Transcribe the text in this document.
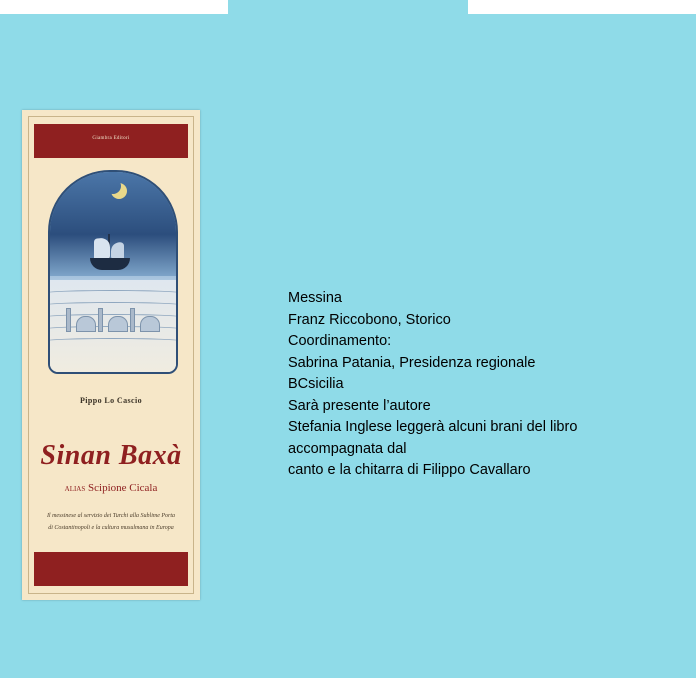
Giambra Editori
Pippo Lo Cascio
Sinan Baxà
ALIAS Scipione Cicala
Il messinese al servizio dei Turchi alla Sublime Porta
di Costantinopoli e la cultura musulmana in Europa

Messina

Franz Riccobono, Storico

Coordinamento:

Sabrina Patania, Presidenza regionale

BCsicilia

Sarà presente l’autore

Stefania Inglese leggerà alcuni brani del libro

accompagnata dal

canto e la chitarra di Filippo Cavallaro
